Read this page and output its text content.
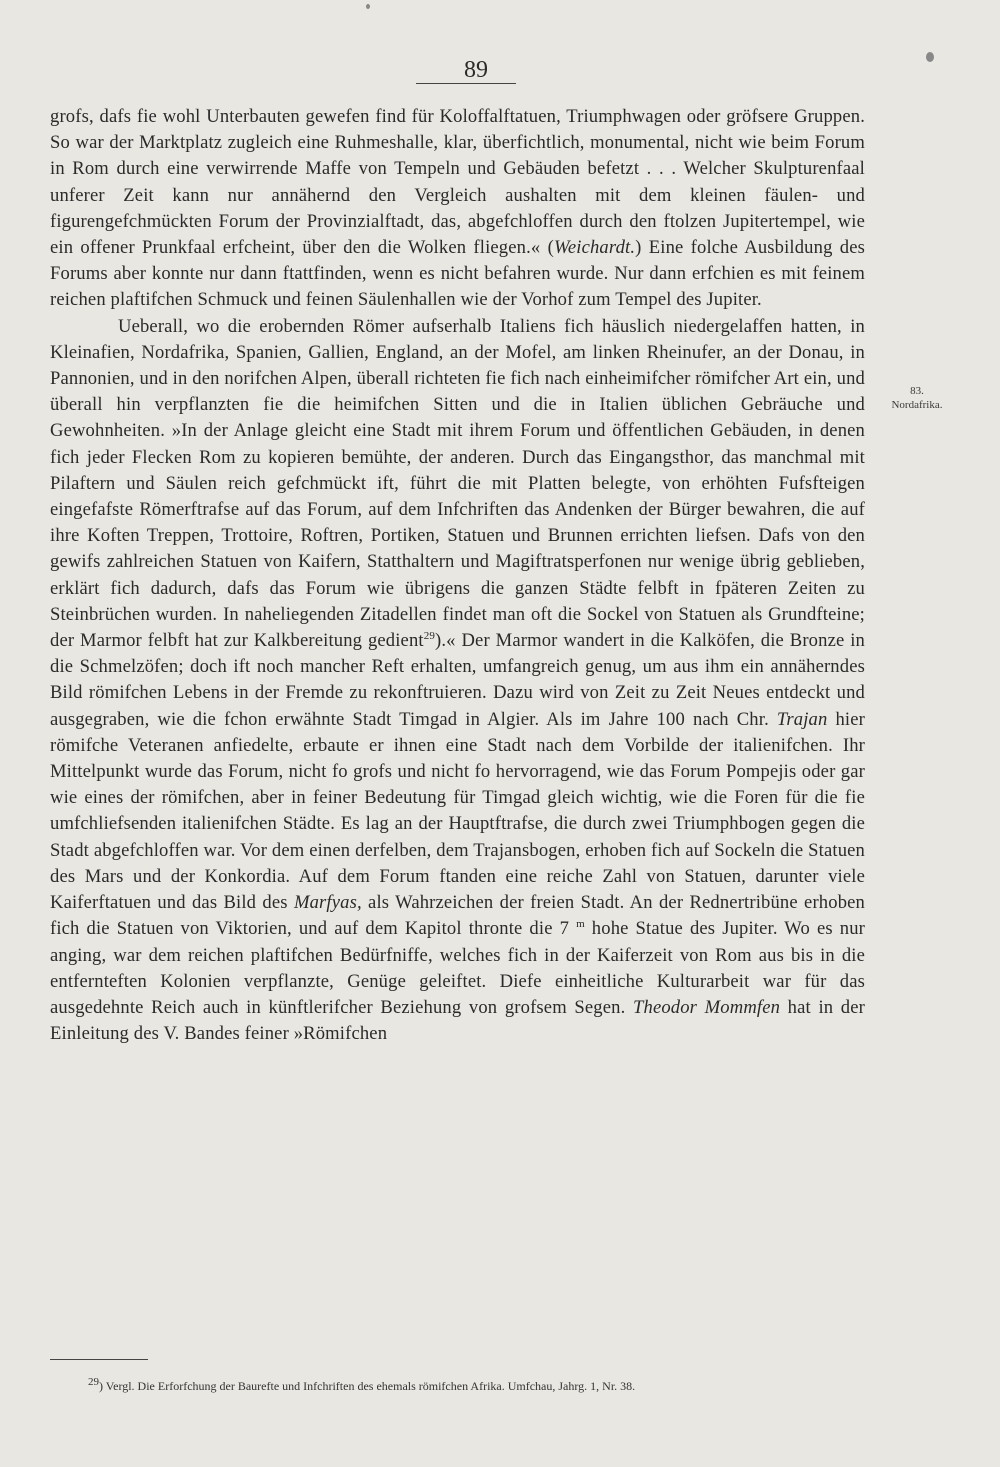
89

grofs, dafs fie wohl Unterbauten gewefen find für Koloffalftatuen, Triumphwagen oder gröfsere Gruppen. So war der Marktplatz zugleich eine Ruhmeshalle, klar, überfichtlich, monumental, nicht wie beim Forum in Rom durch eine verwirrende Maffe von Tempeln und Gebäuden befetzt . . . Welcher Skulpturenfaal unferer Zeit kann nur annähernd den Vergleich aushalten mit dem kleinen fäulen- und figurengefchmückten Forum der Provinzialftadt, das, abgefchloffen durch den ftolzen Jupitertempel, wie ein offener Prunkfaal erfcheint, über den die Wolken fliegen.« (Weichardt.) Eine folche Ausbildung des Forums aber konnte nur dann ftattfinden, wenn es nicht befahren wurde. Nur dann erfchien es mit feinem reichen plaftifchen Schmuck und feinen Säulenhallen wie der Vorhof zum Tempel des Jupiter.

Ueberall, wo die erobernden Römer aufserhalb Italiens fich häuslich niedergelaffen hatten, in Kleinafien, Nordafrika, Spanien, Gallien, England, an der Mofel, am linken Rheinufer, an der Donau, in Pannonien, und in den norifchen Alpen, überall richteten fie fich nach einheimifcher römifcher Art ein, und überall hin verpflanzten fie die heimifchen Sitten und die in Italien üblichen Gebräuche und Gewohnheiten. »In der Anlage gleicht eine Stadt mit ihrem Forum und öffentlichen Gebäuden, in denen fich jeder Flecken Rom zu kopieren bemühte, der anderen. Durch das Eingangsthor, das manchmal mit Pilaftern und Säulen reich gefchmückt ift, führt die mit Platten belegte, von erhöhten Fufsfteigen eingefafste Römerftrafse auf das Forum, auf dem Infchriften das Andenken der Bürger bewahren, die auf ihre Koften Treppen, Trottoire, Roftren, Portiken, Statuen und Brunnen errichten liefsen. Dafs von den gewifs zahlreichen Statuen von Kaifern, Statthaltern und Magiftratsperfonen nur wenige übrig geblieben, erklärt fich dadurch, dafs das Forum wie übrigens die ganzen Städte felbft in fpäteren Zeiten zu Steinbrüchen wurden. In naheliegenden Zitadellen findet man oft die Sockel von Statuen als Grundfteine; der Marmor felbft hat zur Kalkbereitung gedient$^{29}$).« Der Marmor wandert in die Kalköfen, die Bronze in die Schmelzöfen; doch ift noch mancher Reft erhalten, umfangreich genug, um aus ihm ein annäherndes Bild römifchen Lebens in der Fremde zu rekonftruieren. Dazu wird von Zeit zu Zeit Neues entdeckt und ausgegraben, wie die fchon erwähnte Stadt Timgad in Algier. Als im Jahre 100 nach Chr. Trajan hier römifche Veteranen anfiedelte, erbaute er ihnen eine Stadt nach dem Vorbilde der italienifchen. Ihr Mittelpunkt wurde das Forum, nicht fo grofs und nicht fo hervorragend, wie das Forum Pompejis oder gar wie eines der römifchen, aber in feiner Bedeutung für Timgad gleich wichtig, wie die Foren für die fie umfchliefsenden italienifchen Städte. Es lag an der Hauptftrafse, die durch zwei Triumphbogen gegen die Stadt abgefchloffen war. Vor dem einen derfelben, dem Trajansbogen, erhoben fich auf Sockeln die Statuen des Mars und der Konkordia. Auf dem Forum ftanden eine reiche Zahl von Statuen, darunter viele Kaiferftatuen und das Bild des Marfyas, als Wahrzeichen der freien Stadt. An der Rednertribüne erhoben fich die Statuen von Viktorien, und auf dem Kapitol thronte die 7 $^m$ hohe Statue des Jupiter. Wo es nur anging, war dem reichen plaftifchen Bedürfniffe, welches fich in der Kaiferzeit von Rom aus bis in die entfernteften Kolonien verpflanzte, Genüge geleiftet. Diefe einheitliche Kulturarbeit war für das ausgedehnte Reich auch in künftlerifcher Beziehung von grofsem Segen. Theodor Mommfen hat in der Einleitung des V. Bandes feiner »Römifchen

83.
Nordafrika.
29) Vergl. Die Erforfchung der Baurefte und Infchriften des ehemals römifchen Afrika. Umfchau, Jahrg. 1, Nr. 38.
